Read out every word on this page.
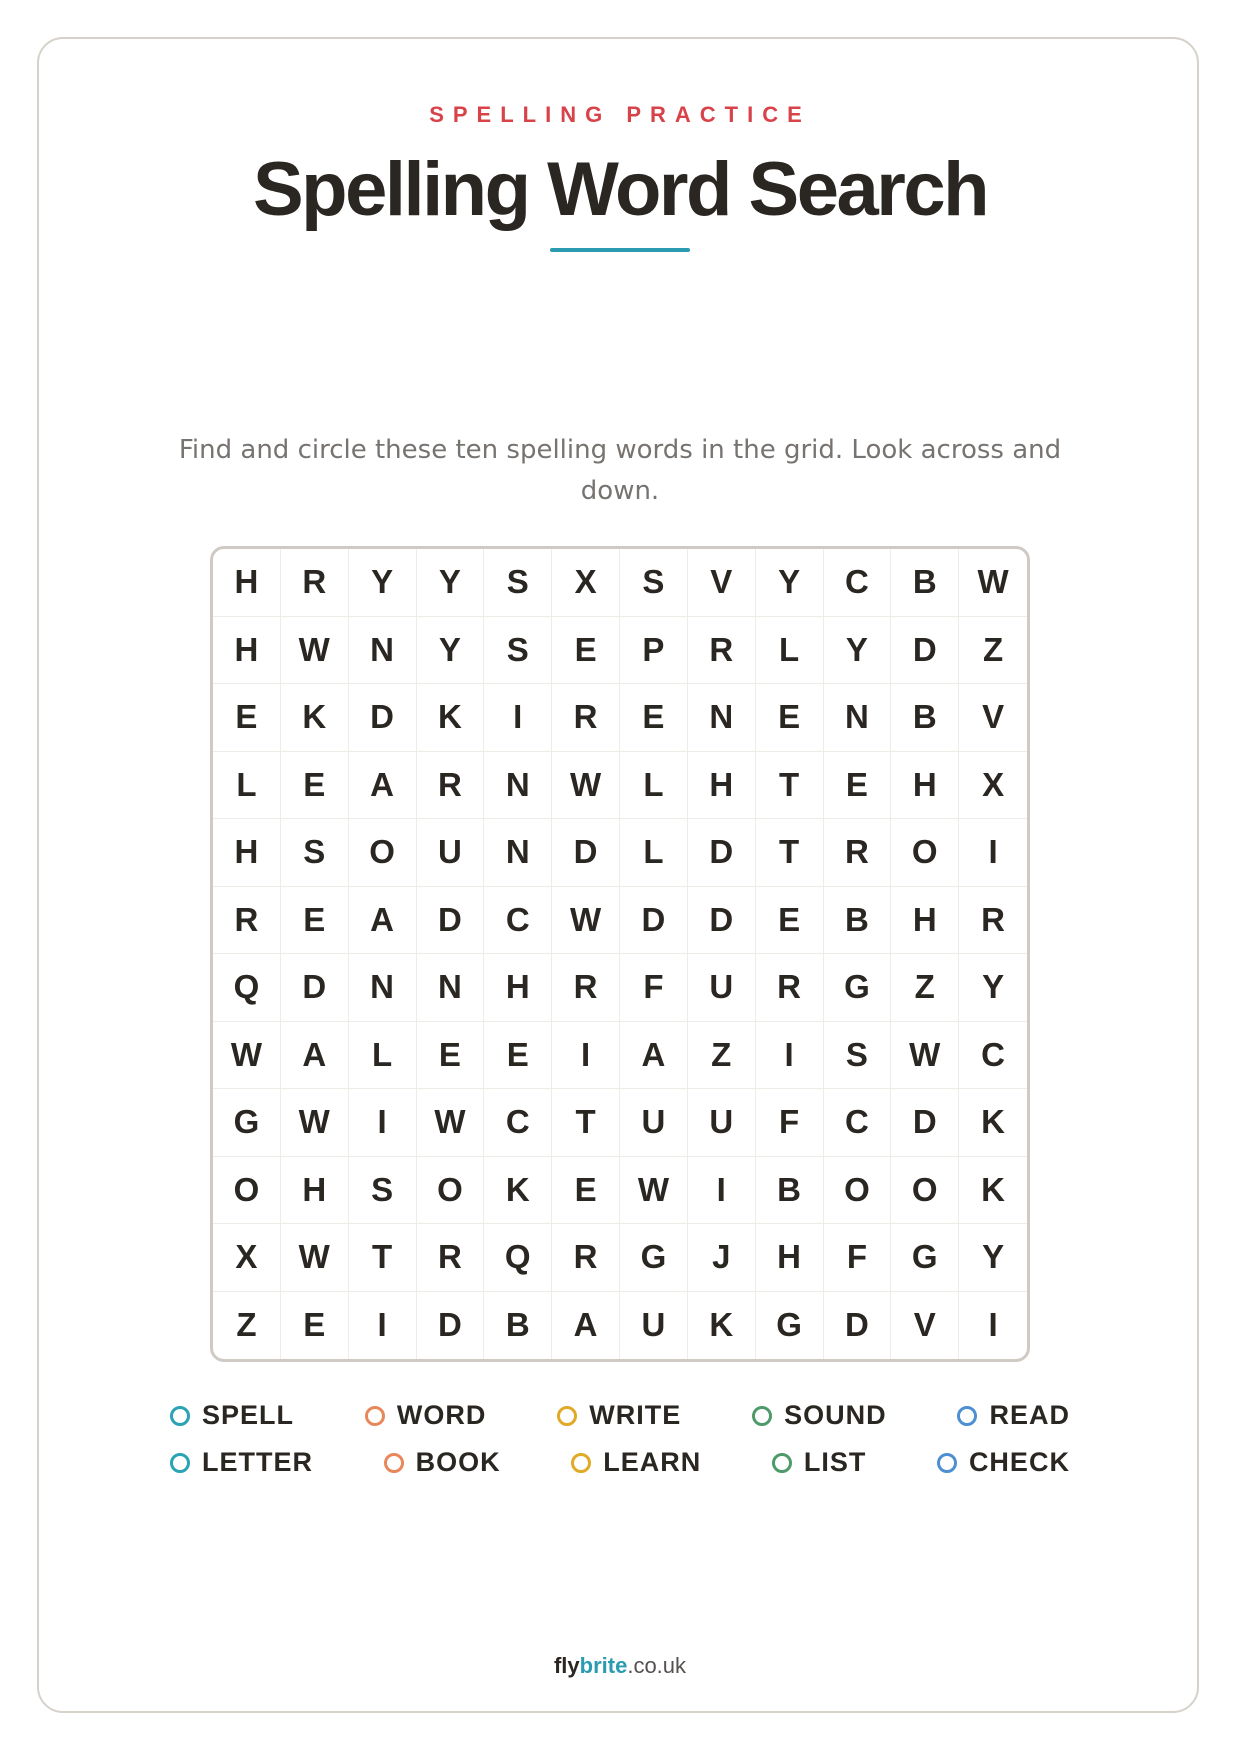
SPELLING PRACTICE
Spelling Word Search
Find and circle these ten spelling words in the grid. Look across and down.
H	R	Y	Y	S	X	S	V	Y	C	B	W
H	W	N	Y	S	E	P	R	L	Y	D	Z
E	K	D	K	I	R	E	N	E	N	B	V
L	E	A	R	N	W	L	H	T	E	H	X
H	S	O	U	N	D	L	D	T	R	O	I
R	E	A	D	C	W	D	D	E	B	H	R
Q	D	N	N	H	R	F	U	R	G	Z	Y
W	A	L	E	E	I	A	Z	I	S	W	C
G	W	I	W	C	T	U	U	F	C	D	K
O	H	S	O	K	E	W	I	B	O	O	K
X	W	T	R	Q	R	G	J	H	F	G	Y
Z	E	I	D	B	A	U	K	G	D	V	I
SPELL	WORD	WRITE	SOUND	READ
LETTER	BOOK	LEARN	LIST	CHECK
flybrite.co.uk
